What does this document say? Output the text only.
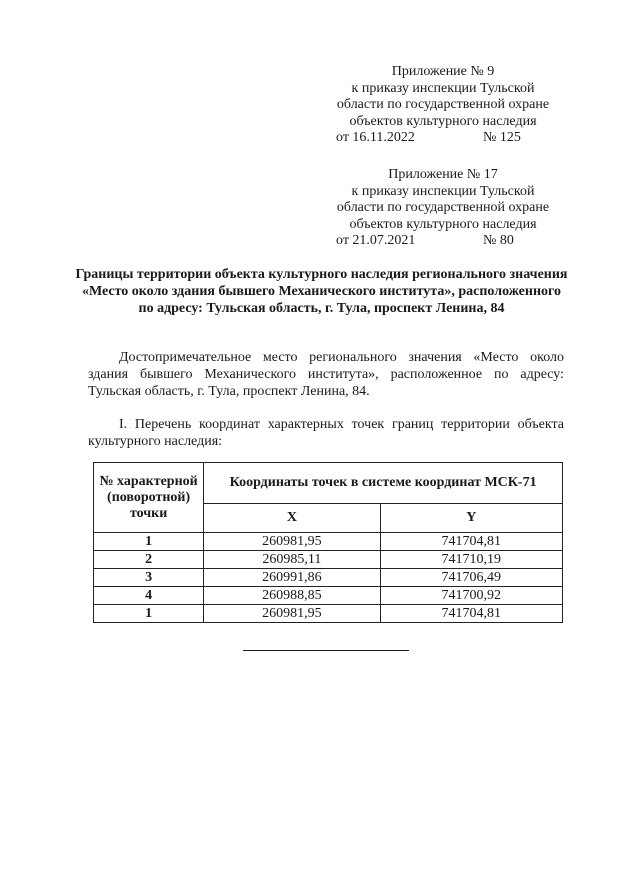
Приложение № 9
к приказу инспекции Тульской
области по государственной охране
объектов культурного наследия
от 16.11.2022	№ 125

Приложение № 17
к приказу инспекции Тульской
области по государственной охране
объектов культурного наследия
от 21.07.2021	№ 80

Границы территории объекта культурного наследия регионального значения «Место около здания бывшего Механического института», расположенного по адресу: Тульская область, г. Тула, проспект Ленина, 84
Достопримечательное место регионального значения «Место около здания бывшего Механического института», расположенное по адресу: Тульская область, г. Тула, проспект Ленина, 84.
I. Перечень координат характерных точек границ территории объекта культурного наследия:
№ характерной (поворотной) точки	Координаты точек в системе координат МСК-71	
	X	Y
1	260981,95	741704,81
2	260985,11	741710,19
3	260991,86	741706,49
4	260988,85	741700,92
1	260981,95	741704,81
